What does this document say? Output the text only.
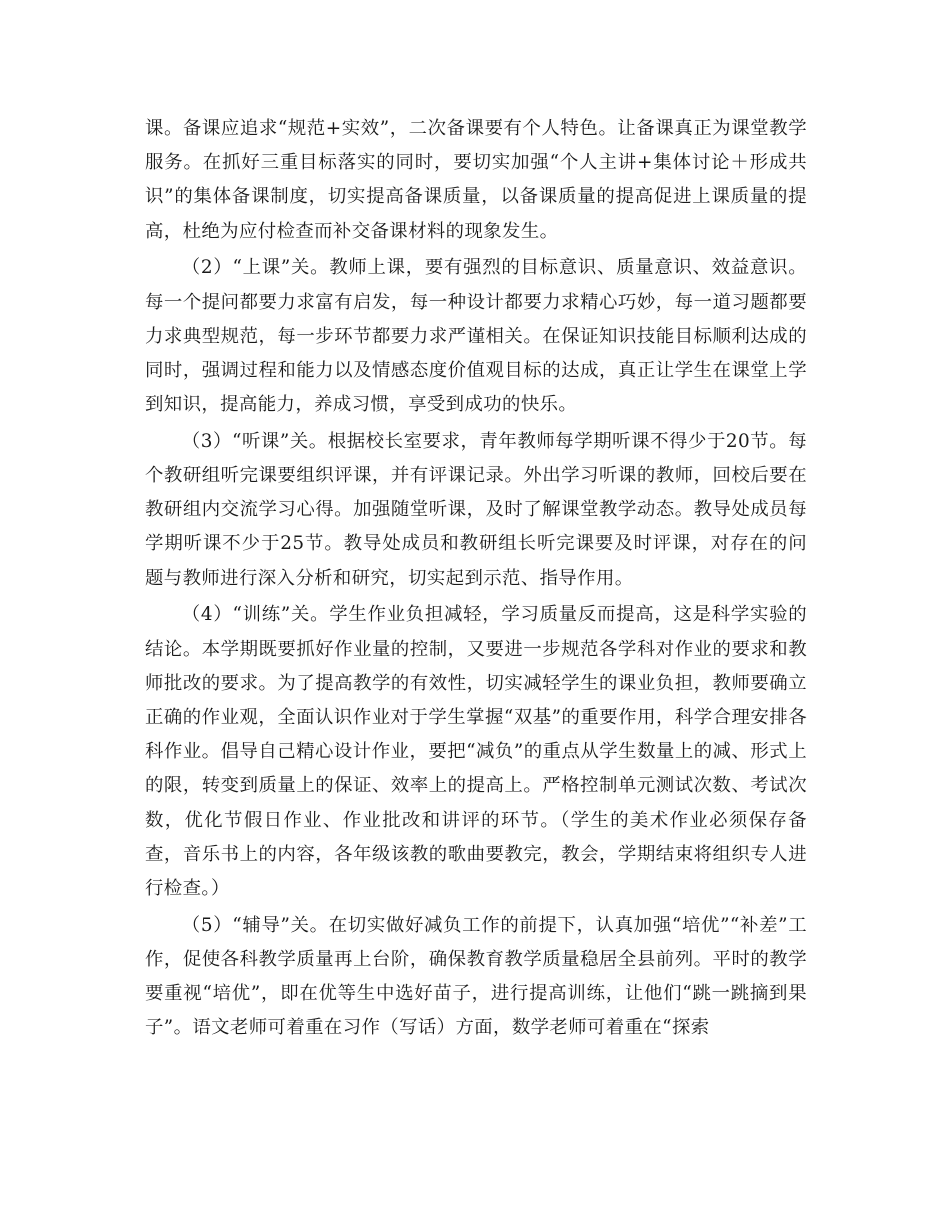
课。备课应追求“规范+实效”，二次备课要有个人特色。让备课真正为课堂教学服务。在抓好三重目标落实的同时，要切实加强“个人主讲+集体讨论＋形成共识”的集体备课制度，切实提高备课质量，以备课质量的提高促进上课质量的提高，杜绝为应付检查而补交备课材料的现象发生。

（2）“上课”关。教师上课，要有强烈的目标意识、质量意识、效益意识。每一个提问都要力求富有启发，每一种设计都要力求精心巧妙，每一道习题都要力求典型规范，每一步环节都要力求严谨相关。在保证知识技能目标顺利达成的同时，强调过程和能力以及情感态度价值观目标的达成，真正让学生在课堂上学到知识，提高能力，养成习惯，享受到成功的快乐。

（3）“听课”关。根据校长室要求，青年教师每学期听课不得少于20节。每个教研组听完课要组织评课，并有评课记录。外出学习听课的教师，回校后要在教研组内交流学习心得。加强随堂听课，及时了解课堂教学动态。教导处成员每学期听课不少于25节。教导处成员和教研组长听完课要及时评课，对存在的问题与教师进行深入分析和研究，切实起到示范、指导作用。

（4）“训练”关。学生作业负担减轻，学习质量反而提高，这是科学实验的结论。本学期既要抓好作业量的控制，又要进一步规范各学科对作业的要求和教师批改的要求。为了提高教学的有效性，切实减轻学生的课业负担，教师要确立正确的作业观，全面认识作业对于学生掌握“双基”的重要作用，科学合理安排各科作业。倡导自己精心设计作业，要把“减负”的重点从学生数量上的减、形式上的限，转变到质量上的保证、效率上的提高上。严格控制单元测试次数、考试次数，优化节假日作业、作业批改和讲评的环节。（学生的美术作业必须保存备查，音乐书上的内容，各年级该教的歌曲要教完，教会，学期结束将组织专人进行检查。）

（5）“辅导”关。在切实做好减负工作的前提下，认真加强“培优”“补差”工作，促使各科教学质量再上台阶，确保教育教学质量稳居全县前列。平时的教学要重视“培优”，即在优等生中选好苗子，进行提高训练，让他们“跳一跳摘到果子”。语文老师可着重在习作（写话）方面，数学老师可着重在“探索
